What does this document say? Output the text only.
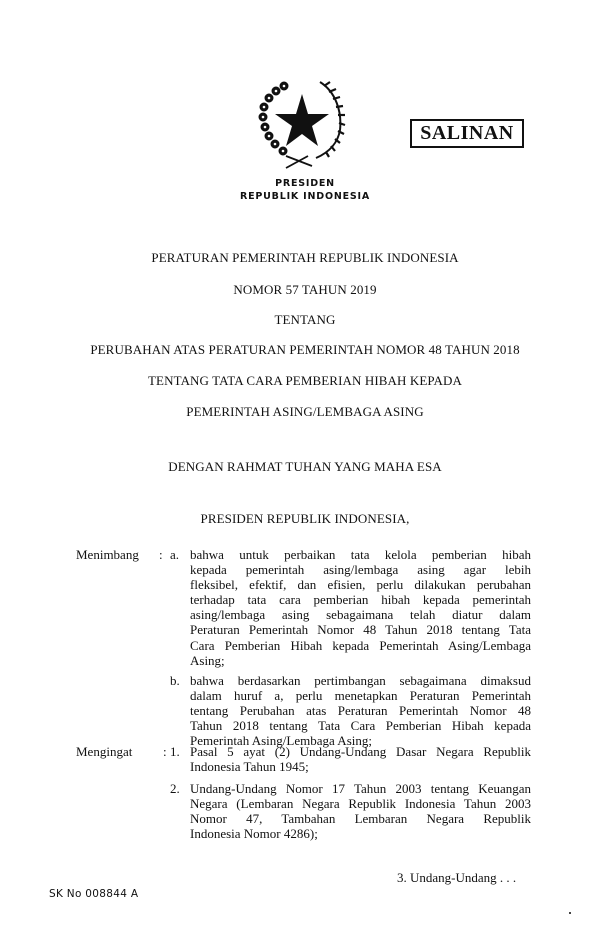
SALINAN
PRESIDEN
REPUBLIK INDONESIA
PERATURAN PEMERINTAH REPUBLIK INDONESIA
NOMOR 57 TAHUN 2019
TENTANG
PERUBAHAN ATAS PERATURAN PEMERINTAH NOMOR 48 TAHUN 2018
TENTANG TATA CARA PEMBERIAN HIBAH KEPADA
PEMERINTAH ASING/LEMBAGA ASING
DENGAN RAHMAT TUHAN YANG MAHA ESA
PRESIDEN REPUBLIK INDONESIA,
Menimbang : a. bahwa untuk perbaikan tata kelola pemberian hibah
kepada pemerintah asing/lembaga asing agar lebih
fleksibel, efektif, dan efisien, perlu dilakukan perubahan
terhadap tata cara pemberian hibah kepada pemerintah
asing/lembaga asing sebagaimana telah diatur dalam
Peraturan Pemerintah Nomor 48 Tahun 2018 tentang Tata
Cara Pemberian Hibah kepada Pemerintah Asing/Lembaga
Asing;
b. bahwa berdasarkan pertimbangan sebagaimana dimaksud
dalam huruf a, perlu menetapkan Peraturan Pemerintah
tentang Perubahan atas Peraturan Pemerintah Nomor 48
Tahun 2018 tentang Tata Cara Pemberian Hibah kepada
Pemerintah Asing/Lembaga Asing;
Mengingat : 1. Pasal 5 ayat (2) Undang-Undang Dasar Negara Republik
Indonesia Tahun 1945;
2. Undang-Undang Nomor 17 Tahun 2003 tentang Keuangan
Negara (Lembaran Negara Republik Indonesia Tahun 2003
Nomor 47, Tambahan Lembaran Negara Republik
Indonesia Nomor 4286);
3. Undang-Undang . . .
SK No 008844 A
